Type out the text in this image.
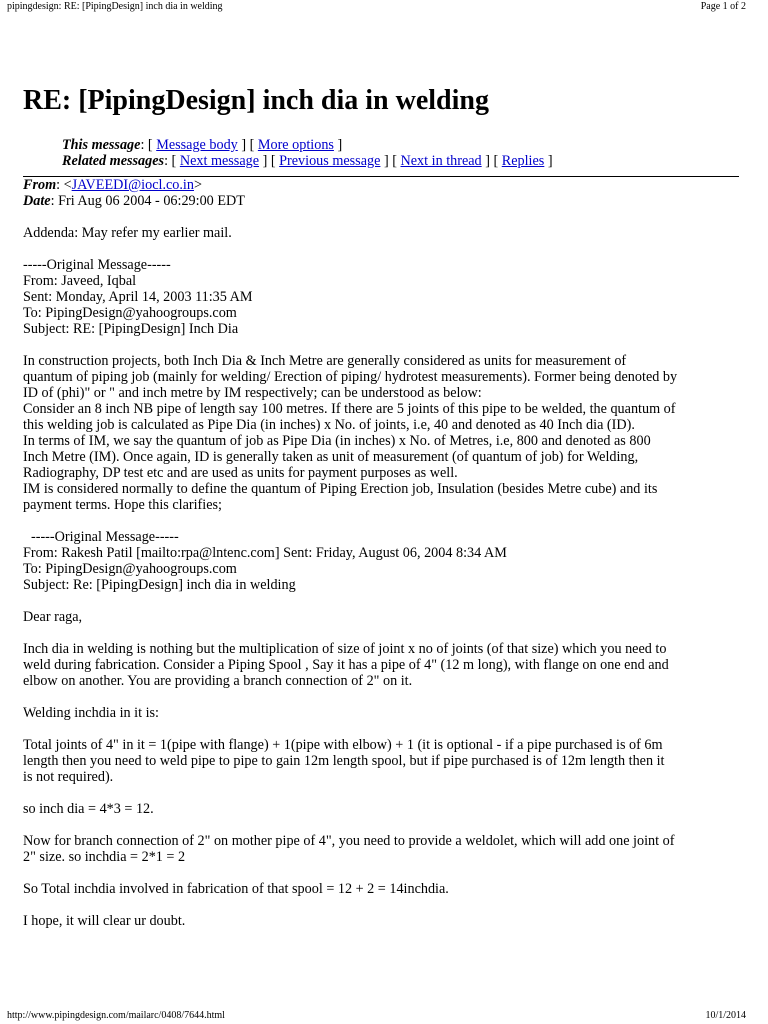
pipingdesign: RE: [PipingDesign] inch dia in welding	Page 1 of 2
RE: [PipingDesign] inch dia in welding
This message: [ Message body ] [ More options ]
Related messages: [ Next message ] [ Previous message ] [ Next in thread ] [ Replies ]
From: <JAVEEDI@iocl.co.in>
Date: Fri Aug 06 2004 - 06:29:00 EDT

Addenda: May refer my earlier mail.

-----Original Message-----
From: Javeed, Iqbal
Sent: Monday, April 14, 2003 11:35 AM
To: PipingDesign@yahoogroups.com
Subject: RE: [PipingDesign] Inch Dia
In construction projects, both Inch Dia & Inch Metre are generally considered as units for measurement of
quantum of piping job (mainly for welding/ Erection of piping/ hydrotest measurements). Former being denoted by
ID of (phi)" or " and inch metre by IM respectively; can be understood as below:
Consider an 8 inch NB pipe of length say 100 metres. If there are 5 joints of this pipe to be welded, the quantum of
this welding job is calculated as Pipe Dia (in inches) x No. of joints, i.e, 40 and denoted as 40 Inch dia (ID).
In terms of IM, we say the quantum of job as Pipe Dia (in inches) x No. of Metres, i.e, 800 and denoted as 800
Inch Metre (IM). Once again, ID is generally taken as unit of measurement (of quantum of job) for Welding,
Radiography, DP test etc and are used as units for payment purposes as well.
IM is considered normally to define the quantum of Piping Erection job, Insulation (besides Metre cube) and its
payment terms. Hope this clarifies;
-----Original Message-----
From: Rakesh Patil [mailto:rpa@lntenc.com] Sent: Friday, August 06, 2004 8:34 AM
To: PipingDesign@yahoogroups.com
Subject: Re: [PipingDesign] inch dia in welding

Dear raga,

Inch dia in welding is nothing but the multiplication of size of joint x no of joints (of that size) which you need to
weld during fabrication. Consider a Piping Spool , Say it has a pipe of 4" (12 m long), with flange on one end and
elbow on another. You are providing a branch connection of 2" on it.

Welding inchdia in it is:

Total joints of 4" in it = 1(pipe with flange) + 1(pipe with elbow) + 1 (it is optional - if a pipe purchased is of 6m
length then you need to weld pipe to pipe to gain 12m length spool, but if pipe purchased is of 12m length then it
is not required).

so inch dia = 4*3 = 12.

Now for branch connection of 2" on mother pipe of 4", you need to provide a weldolet, which will add one joint of
2" size. so inchdia = 2*1 = 2

So Total inchdia involved in fabrication of that spool = 12 + 2 = 14inchdia.

I hope, it will clear ur doubt.

http://www.pipingdesign.com/mailarc/0408/7644.html	10/1/2014
